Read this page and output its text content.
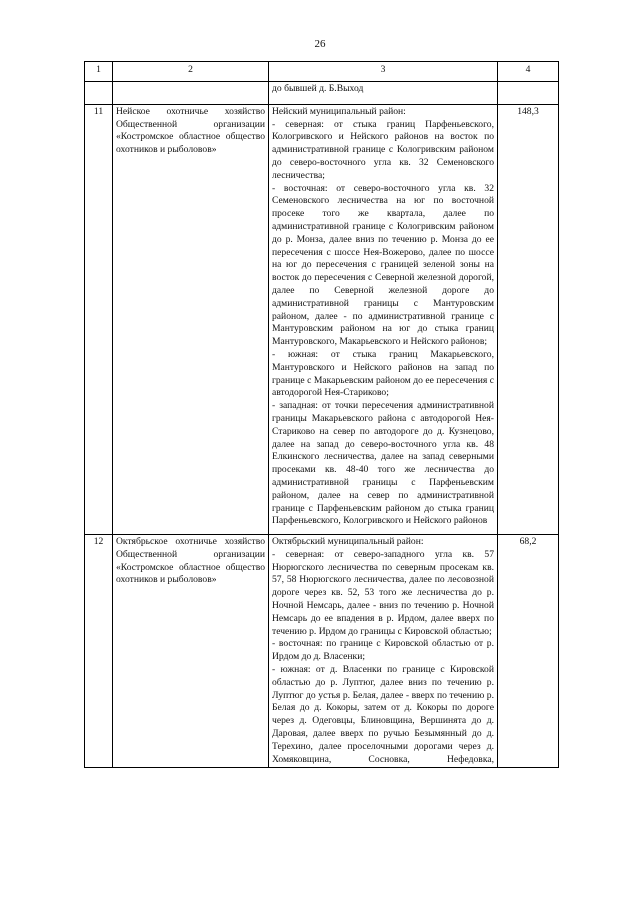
26
1	2	3	4

		до бывшей д. Б.Выход	

11	Нейское охотничье хозяйство Общественной организации «Костромское областное общество охотников и рыболовов»	Нейский муниципальный район:

- северная: от стыка границ Парфеньевского, Кологривского и Нейского районов на восток по административной границе с Кологривским районом до северо-восточного угла кв. 32 Семеновского лесничества;

- восточная: от северо-восточного угла кв. 32 Семеновского лесничества на юг по восточной просеке того же квартала, далее по административной границе с Кологривским районом до р. Монза, далее вниз по течению р. Монза до ее пересечения с шоссе Нея-Вожерово, далее по шоссе на юг до пересечения с границей зеленой зоны на восток до пересечения с Северной железной дорогой, далее по Северной железной дороге до административной границы с Мантуровским районом, далее - по административной границе с Мантуровским районом на юг до стыка границ Мантуровского, Макарьевского и Нейского районов;

- южная: от стыка границ Макарьевского, Мантуровского и Нейского районов на запад по границе с Макарьевским районом до ее пересечения с автодорогой Нея-Стариково;

- западная: от точки пересечения административной границы Макарьевского района с автодорогой Нея-Стариково на север по автодороге до д. Кузнецово, далее на запад до северо-восточного угла кв. 48 Елкинского лесничества, далее на запад северными просеками кв. 48-40 того же лесничества до административной границы с Парфеньевским районом, далее на север по административной границе с Парфеньевским районом до стыка границ Парфеньевского, Кологривского и Нейского районов	148,3
12	Октябрьское охотничье хозяйство Общественной организации «Костромское областное общество охотников и рыболовов»	Октябрьский муниципальный район:

- северная: от северо-западного угла кв. 57 Нюрюгского лесничества по северным просекам кв. 57, 58 Нюрюгского лесничества, далее по лесовозной дороге через кв. 52, 53 того же лесничества до р. Ночной Немсарь, далее - вниз по течению р. Ночной Немсарь до ее впадения в р. Ирдом, далее вверх по течению р. Ирдом до границы с Кировской областью;

- восточная: по границе с Кировской областью от р. Ирдом до д. Власенки;

- южная: от д. Власенки по границе с Кировской областью до р. Луптюг, далее вниз по течению р. Луптюг до устья р. Белая, далее - вверх по течению р. Белая до д. Кокоры, затем от д. Кокоры по дороге через д. Одеговцы, Блиновщина, Вершинята до д. Даровая, далее вверх по ручью Безымянный до д. Терехино, далее проселочными дорогами через д. Хомяковщина, Сосновка, Нефедовка,	68,2
